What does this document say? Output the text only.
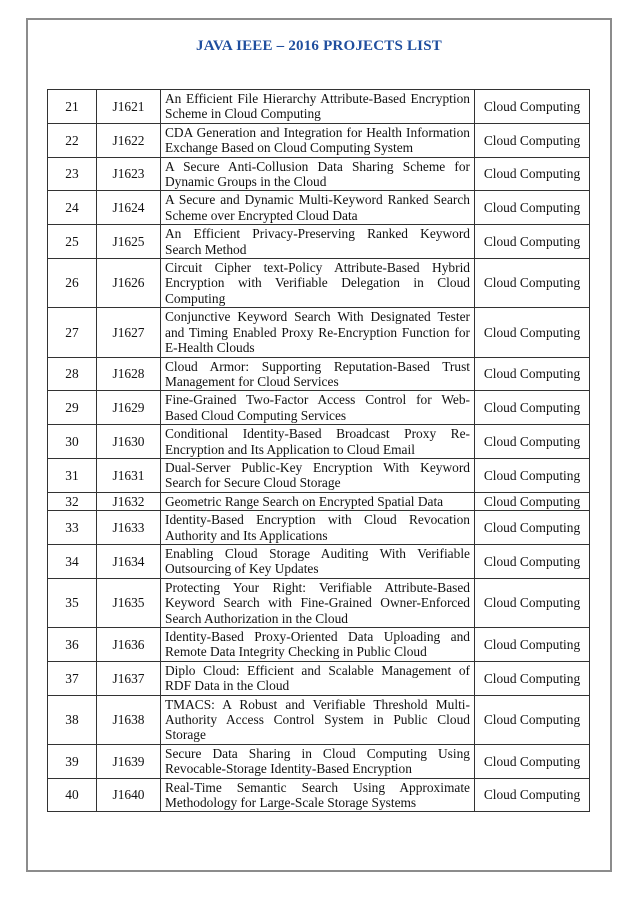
JAVA IEEE – 2016 PROJECTS LIST
21	J1621	An Efficient File Hierarchy Attribute-Based Encryption Scheme in Cloud Computing	Cloud Computing
22	J1622	CDA Generation and Integration for Health Information Exchange Based on Cloud Computing System	Cloud Computing
23	J1623	A Secure Anti-Collusion Data Sharing Scheme for Dynamic Groups in the Cloud	Cloud Computing
24	J1624	A Secure and Dynamic Multi-Keyword Ranked Search Scheme over Encrypted Cloud Data	Cloud Computing
25	J1625	An Efficient Privacy-Preserving Ranked Keyword Search Method	Cloud Computing
26	J1626	Circuit Cipher text-Policy Attribute-Based Hybrid Encryption with Verifiable Delegation in Cloud Computing	Cloud Computing
27	J1627	Conjunctive Keyword Search With Designated Tester and Timing Enabled Proxy Re-Encryption Function for E-Health Clouds	Cloud Computing
28	J1628	Cloud Armor: Supporting Reputation-Based Trust Management for Cloud Services	Cloud Computing
29	J1629	Fine-Grained Two-Factor Access Control for Web-Based Cloud Computing Services	Cloud Computing
30	J1630	Conditional Identity-Based Broadcast Proxy Re-Encryption and Its Application to Cloud Email	Cloud Computing
31	J1631	Dual-Server Public-Key Encryption With Keyword Search for Secure Cloud Storage	Cloud Computing
32	J1632	Geometric Range Search on Encrypted Spatial Data	Cloud Computing
33	J1633	Identity-Based Encryption with Cloud Revocation Authority and Its Applications	Cloud Computing
34	J1634	Enabling Cloud Storage Auditing With Verifiable Outsourcing of Key Updates	Cloud Computing
35	J1635	Protecting Your Right: Verifiable Attribute-Based Keyword Search with Fine-Grained Owner-Enforced Search Authorization in the Cloud	Cloud Computing
36	J1636	Identity-Based Proxy-Oriented Data Uploading and Remote Data Integrity Checking in Public Cloud	Cloud Computing
37	J1637	Diplo Cloud: Efficient and Scalable Management of RDF Data in the Cloud	Cloud Computing
38	J1638	TMACS: A Robust and Verifiable Threshold Multi-Authority Access Control System in Public Cloud Storage	Cloud Computing
39	J1639	Secure Data Sharing in Cloud Computing Using Revocable-Storage Identity-Based Encryption	Cloud Computing
40	J1640	Real-Time Semantic Search Using Approximate Methodology for Large-Scale Storage Systems	Cloud Computing
